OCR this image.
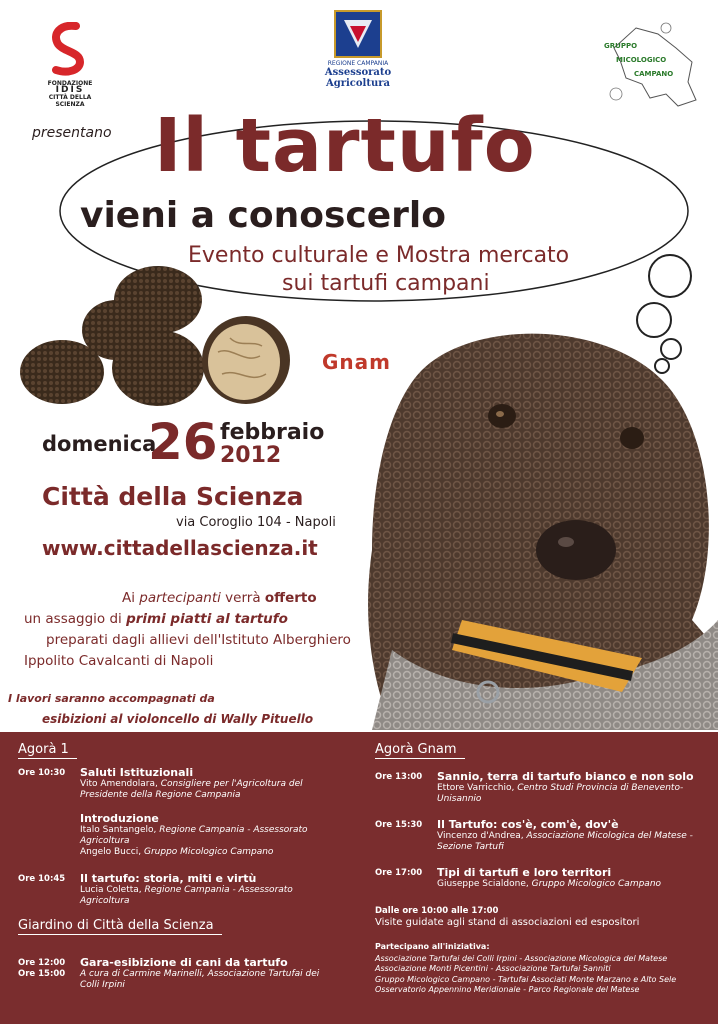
FONDAZIONE
IDIS
CITTÀ DELLA SCIENZA
REGIONE CAMPANIA
Assessorato Agricoltura
GRUPPO
MICOLOGICO
CAMPANO
presentano Il tartufo
vieni a conoscerlo
Evento culturale e Mostra mercato
sui tartufi campani
Gnam
domenica
26 febbraio
2012
Città della Scienza
via Coroglio 104 - Napoli
www.cittadellascienza.it
Ai partecipanti verrà offerto
un assaggio di primi piatti al tartufo
preparati dagli allievi dell'Istituto Alberghiero
Ippolito Cavalcanti di Napoli
I lavori saranno accompagnati da
esibizioni al violoncello di Wally Pituello
Agorà 1
Ore 10:30 Saluti Istituzionali
Vito Amendolara, Consigliere per l'Agricoltura del Presidente della Regione Campania
Introduzione
Italo Santangelo, Regione Campania - Assessorato Agricoltura
Angelo Bucci, Gruppo Micologico Campano
Ore 10:45 Il tartufo: storia, miti e virtù
Lucia Coletta, Regione Campania - Assessorato Agricoltura
Giardino di Città della Scienza
Ore 12:00
Ore 15:00
Gara-esibizione di cani da tartufo
A cura di Carmine Marinelli, Associazione Tartufai dei Colli Irpini
Agorà Gnam
Ore 13:00 Sannio, terra di tartufo bianco e non solo
Ettore Varricchio, Centro Studi Provincia di Benevento-Unisannio
Ore 15:30 Il Tartufo: cos'è, com'è, dov'è
Vincenzo d'Andrea, Associazione Micologica del Matese -Sezione Tartufi
Ore 17:00 Tipi di tartufi e loro territori
Giuseppe Scialdone, Gruppo Micologico Campano
Dalle ore 10:00 alle 17:00
Visite guidate agli stand di associazioni ed espositori
Partecipano all'iniziativa:
Associazione Tartufai dei Colli Irpini - Associazione Micologica del Matese
Associazione Monti Picentini - Associazione Tartufai Sanniti
Gruppo Micologico Campano - Tartufai Associati Monte Marzano e Alto Sele
Osservatorio Appennino Meridionale - Parco Regionale del Matese
